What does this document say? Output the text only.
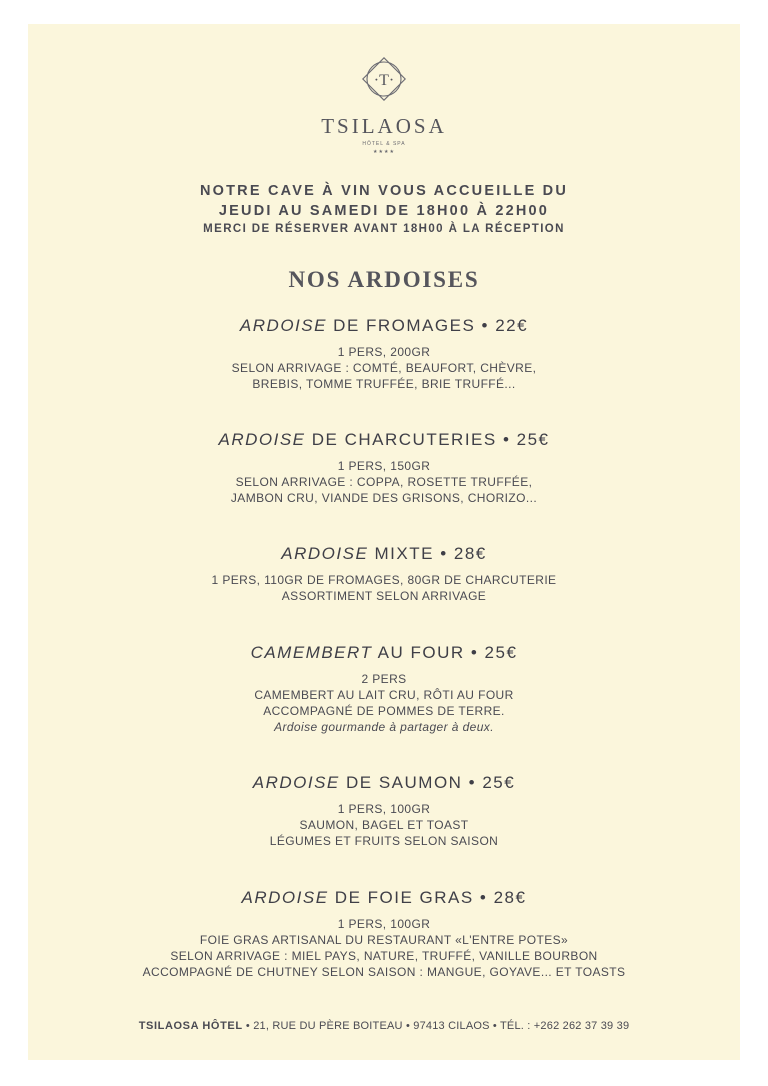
·T·
TSILAOSA
HÔTEL & SPA
★★★★
NOTRE CAVE À VIN VOUS ACCUEILLE DU
JEUDI AU SAMEDI DE 18H00 À 22H00
MERCI DE RÉSERVER AVANT 18H00 À LA RÉCEPTION
NOS ARDOISES
ARDOISE DE FROMAGES • 22€
1 PERS, 200GR
SELON ARRIVAGE : COMTÉ, BEAUFORT, CHÈVRE,
BREBIS, TOMME TRUFFÉE, BRIE TRUFFÉ...
ARDOISE DE CHARCUTERIES • 25€
1 PERS, 150GR
SELON ARRIVAGE : COPPA, ROSETTE TRUFFÉE,
JAMBON CRU, VIANDE DES GRISONS, CHORIZO...
ARDOISE MIXTE • 28€
1 PERS, 110GR DE FROMAGES, 80GR DE CHARCUTERIE
ASSORTIMENT SELON ARRIVAGE
CAMEMBERT AU FOUR • 25€
2 PERS
CAMEMBERT AU LAIT CRU, RÔTI AU FOUR
ACCOMPAGNÉ DE POMMES DE TERRE.
Ardoise gourmande à partager à deux.
ARDOISE DE SAUMON • 25€
1 PERS, 100GR
SAUMON, BAGEL ET TOAST
LÉGUMES ET FRUITS SELON SAISON
ARDOISE DE FOIE GRAS • 28€
1 PERS, 100GR
FOIE GRAS ARTISANAL DU RESTAURANT «L'ENTRE POTES»
SELON ARRIVAGE : MIEL PAYS, NATURE, TRUFFÉ, VANILLE BOURBON
ACCOMPAGNÉ DE CHUTNEY SELON SAISON : MANGUE, GOYAVE... ET TOASTS
TSILAOSA HÔTEL • 21, RUE DU PÈRE BOITEAU • 97413 CILAOS • TÉL. : +262 262 37 39 39
